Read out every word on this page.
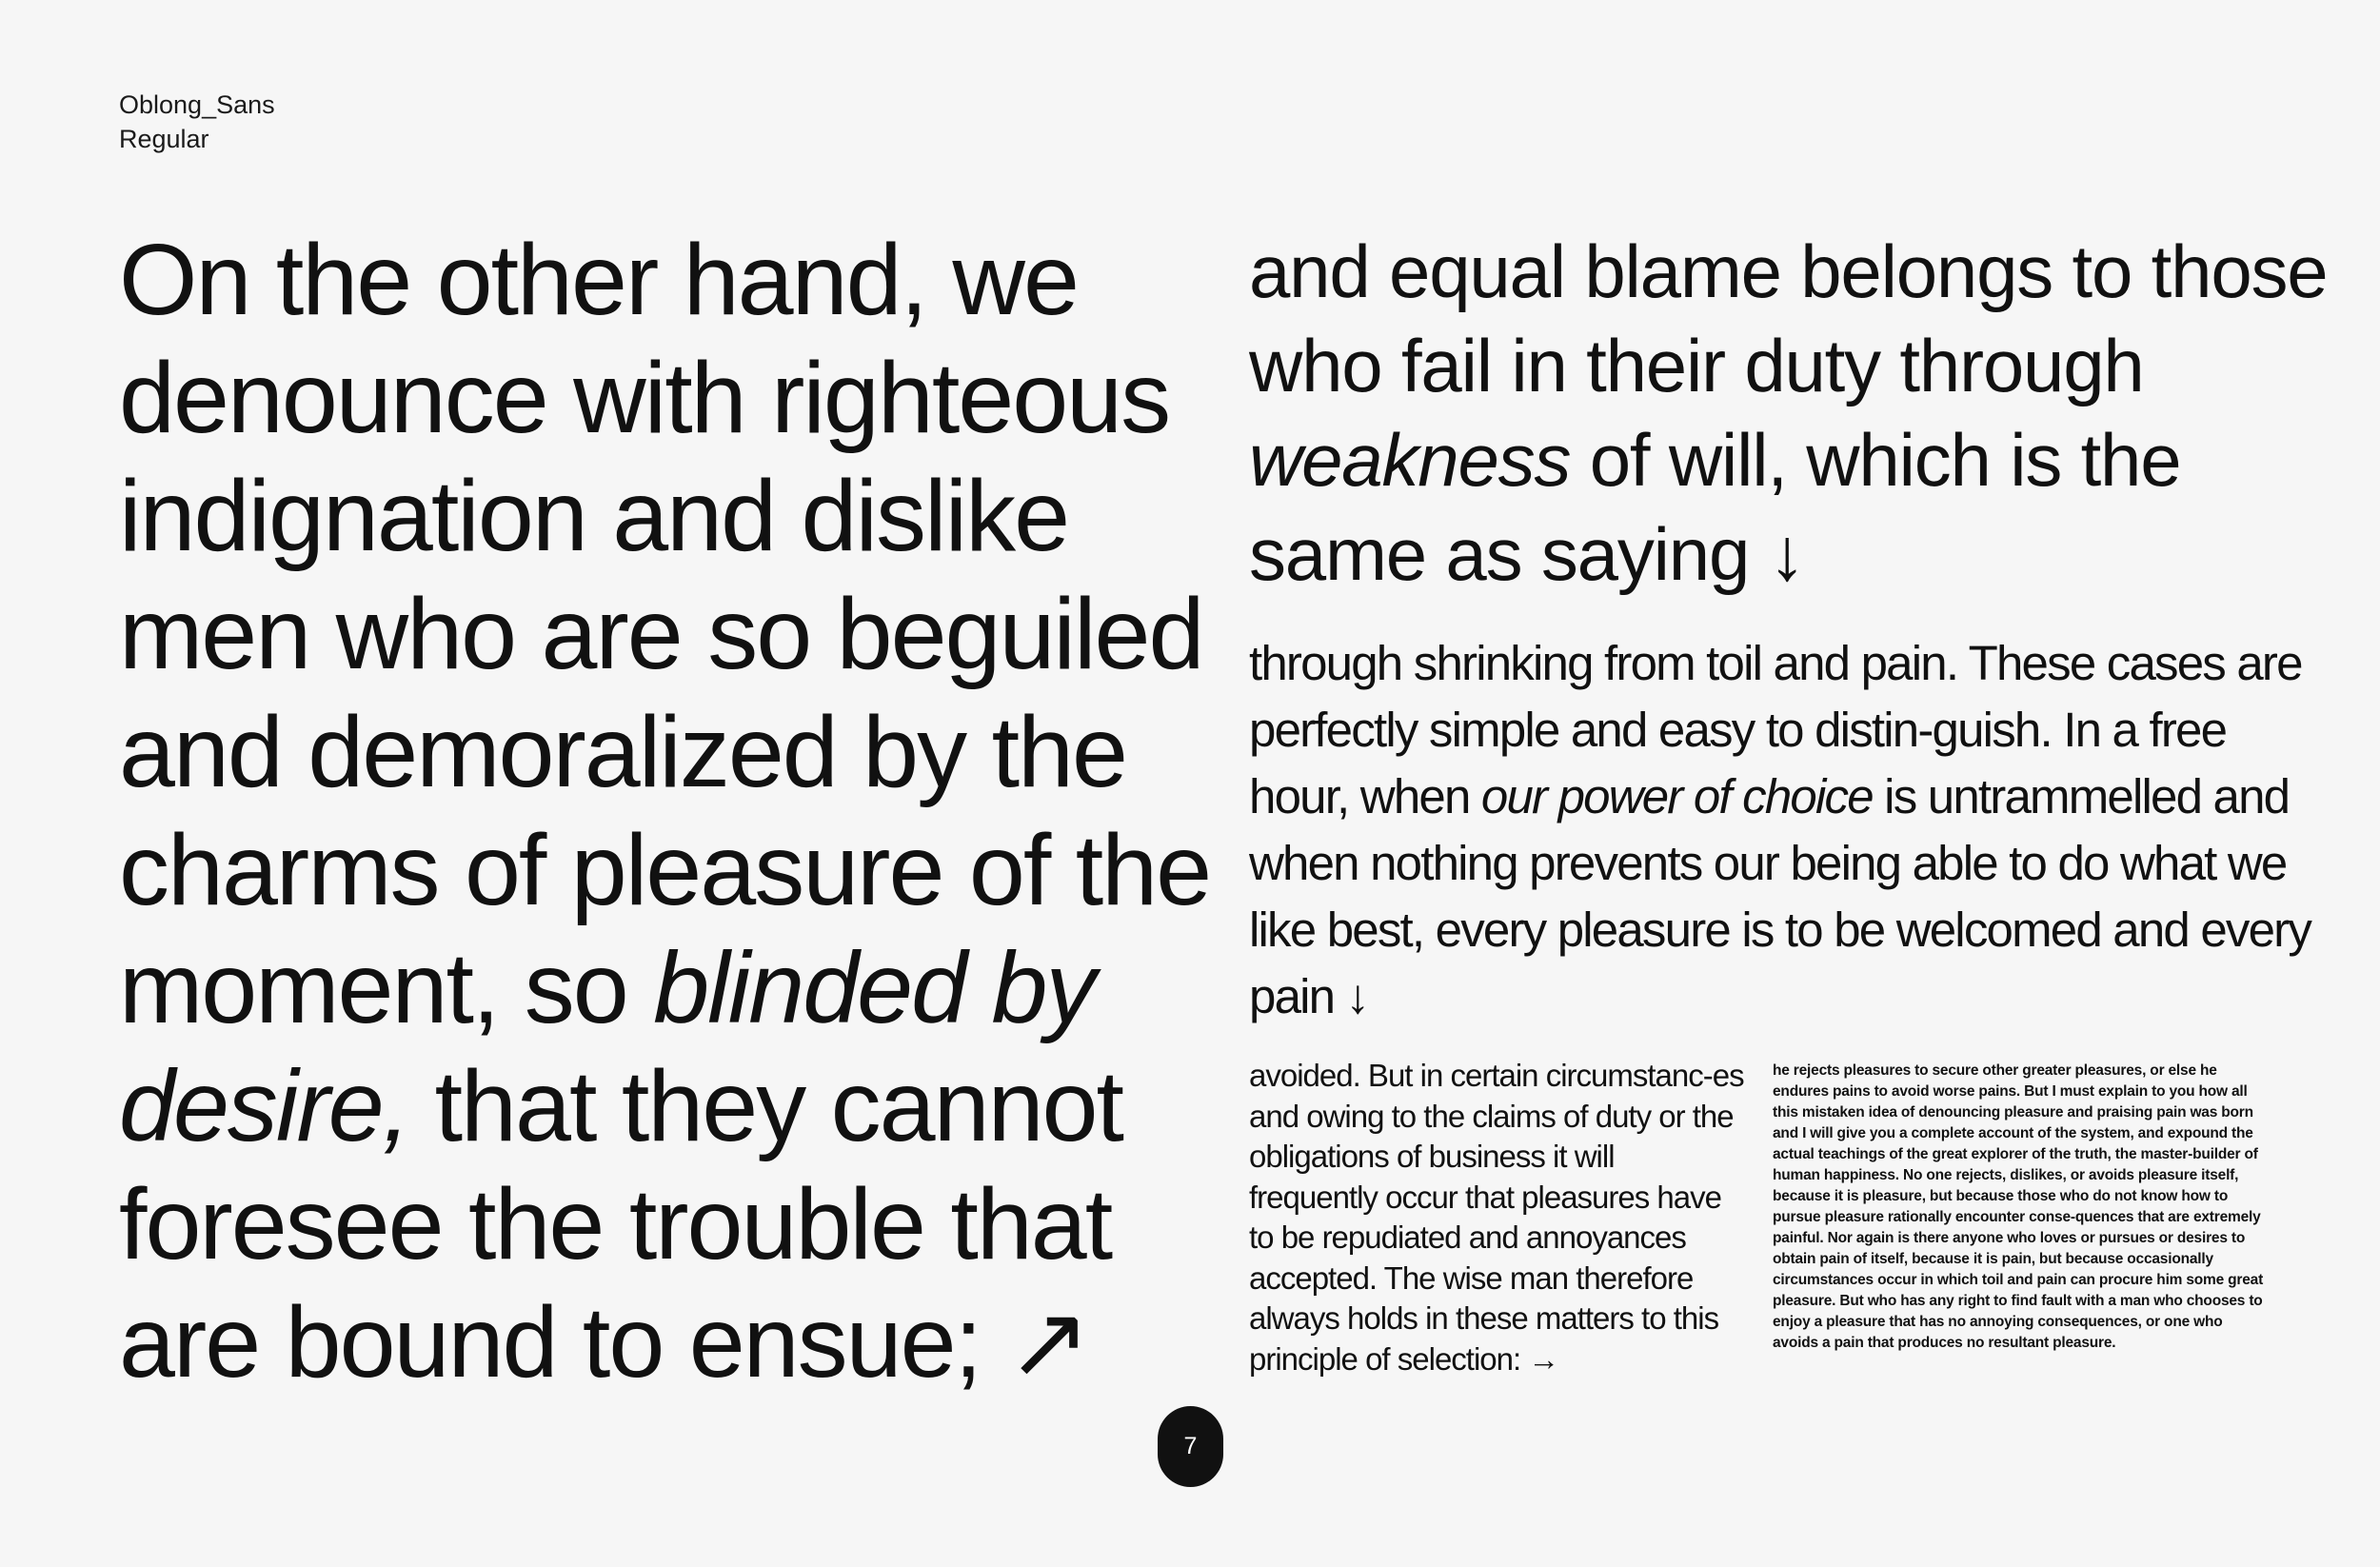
Oblong_Sans
Regular

On the other hand, we denounce with righteous indignation and dislike men who are so beguiled and demoralized by the charms of pleasure of the moment, so blinded by desire, that they cannot foresee the trouble that are bound to ensue; ↗

and equal blame belongs to those who fail in their duty through weakness of will, which is the same as saying ↓

through shrinking from toil and pain. These cases are perfectly simple and easy to distin-guish. In a free hour, when our power of choice is untrammelled and when nothing prevents our being able to do what we like best, every pleasure is to be welcomed and every pain ↓

avoided. But in certain circumstanc-es and owing to the claims of duty or the obligations of business it will frequently occur that pleasures have to be repudiated and annoyances accepted. The wise man therefore always holds in these matters to this principle of selection: →

he rejects pleasures to secure other greater pleasures, or else he endures pains to avoid worse pains. But I must explain to you how all this mistaken idea of denouncing pleasure and praising pain was born and I will give you a complete account of the system, and expound the actual teachings of the great explorer of the truth, the master-builder of human happiness. No one rejects, dislikes, or avoids pleasure itself, because it is pleasure, but because those who do not know how to pursue pleasure rationally encounter conse-quences that are extremely painful. Nor again is there anyone who loves or pursues or desires to obtain pain of itself, because it is pain, but because occasionally circumstances occur in which toil and pain can procure him some great pleasure. But who has any right to find fault with a man who chooses to enjoy a pleasure that has no annoying consequences, or one who avoids a pain that produces no resultant pleasure.

7
